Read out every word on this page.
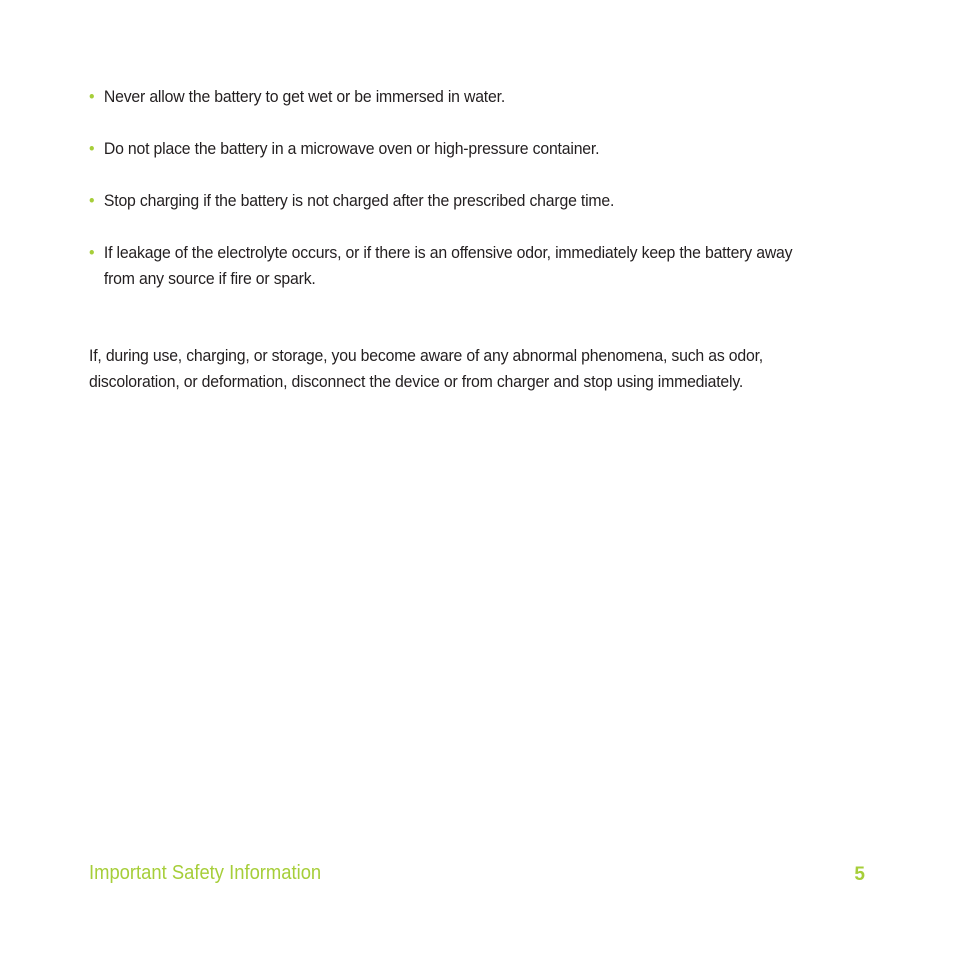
• Never allow the battery to get wet or be immersed in water.
• Do not place the battery in a microwave oven or high-pressure container.
• Stop charging if the battery is not charged after the prescribed charge time.
• If leakage of the electrolyte occurs, or if there is an offensive odor, immediately keep the battery away from any source if fire or spark.

If, during use, charging, or storage, you become aware of any abnormal phenomena, such as odor, discoloration, or deformation, disconnect the device or from charger and stop using immediately.

Important Safety Information	5
